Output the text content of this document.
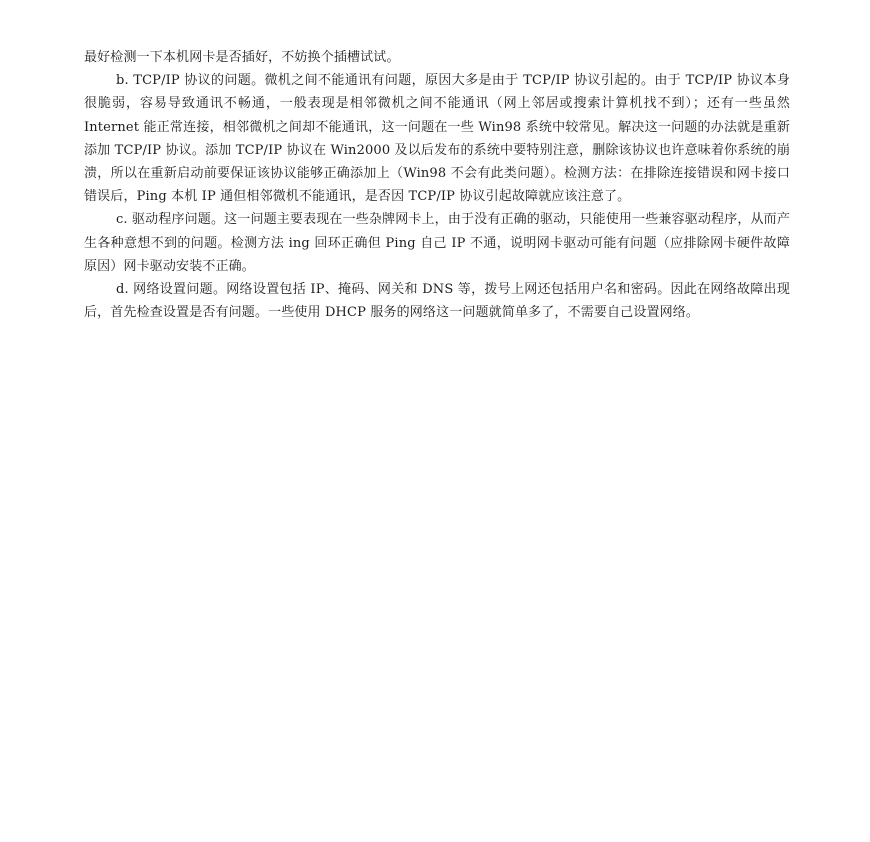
最好检测一下本机网卡是否插好，不妨换个插槽试试。

b. TCP/IP 协议的问题。微机之间不能通讯有问题，原因大多是由于 TCP/IP 协议引起的。由于 TCP/IP 协议本身很脆弱，容易导致通讯不畅通，一般表现是相邻微机之间不能通讯（网上邻居或搜索计算机找不到）；还有一些虽然 Internet 能正常连接，相邻微机之间却不能通讯，这一问题在一些 Win98 系统中较常见。解决这一问题的办法就是重新添加 TCP/IP 协议。添加 TCP/IP 协议在 Win2000 及以后发布的系统中要特别注意，删除该协议也许意味着你系统的崩溃，所以在重新启动前要保证该协议能够正确添加上（Win98 不会有此类问题）。检测方法：在排除连接错误和网卡接口错误后，Ping 本机 IP 通但相邻微机不能通讯，是否因 TCP/IP 协议引起故障就应该注意了。

c. 驱动程序问题。这一问题主要表现在一些杂牌网卡上，由于没有正确的驱动，只能使用一些兼容驱动程序，从而产生各种意想不到的问题。检测方法 ing 回环正确但 Ping 自己 IP 不通，说明网卡驱动可能有问题（应排除网卡硬件故障原因）网卡驱动安装不正确。

d. 网络设置问题。网络设置包括 IP、掩码、网关和 DNS 等，拨号上网还包括用户名和密码。因此在网络故障出现后，首先检查设置是否有问题。一些使用 DHCP 服务的网络这一问题就简单多了，不需要自己设置网络。
